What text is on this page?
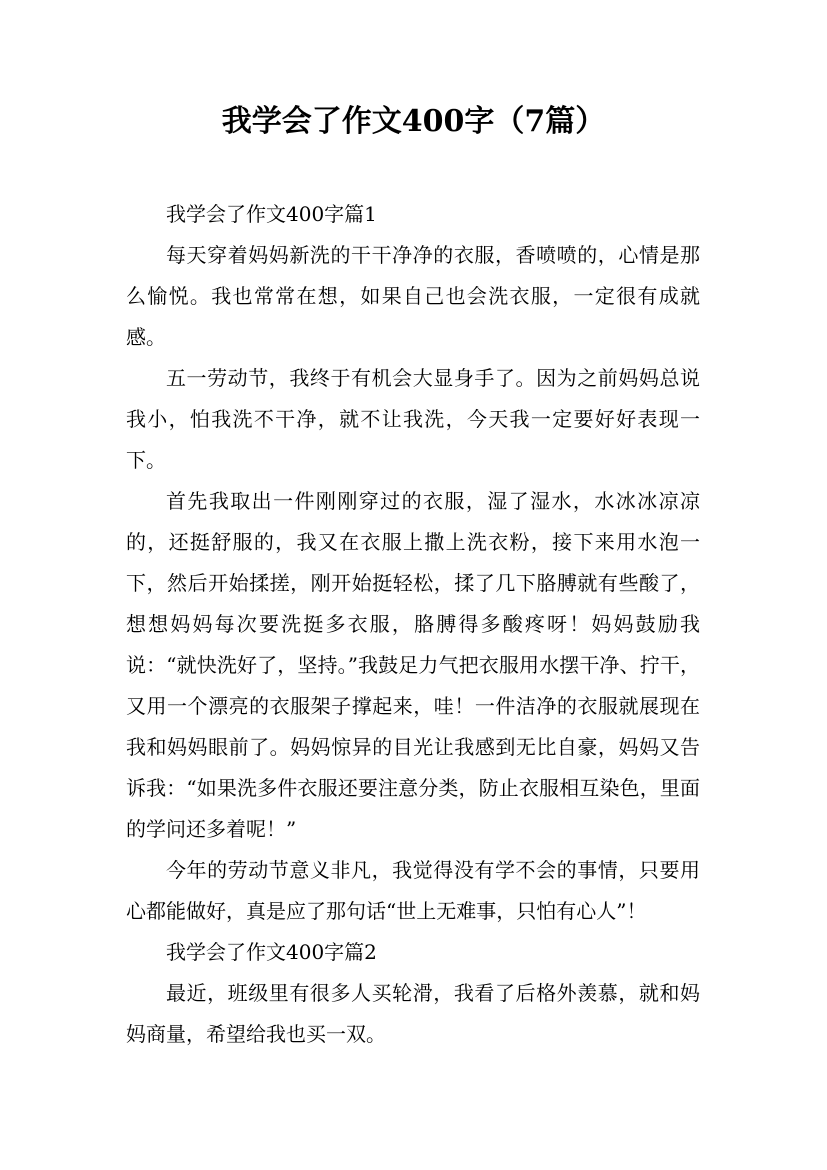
我学会了作文400字（7篇）

我学会了作文400字篇1

每天穿着妈妈新洗的干干净净的衣服，香喷喷的，心情是那么愉悦。我也常常在想，如果自己也会洗衣服，一定很有成就感。

五一劳动节，我终于有机会大显身手了。因为之前妈妈总说我小，怕我洗不干净，就不让我洗，今天我一定要好好表现一下。

首先我取出一件刚刚穿过的衣服，湿了湿水，水冰冰凉凉的，还挺舒服的，我又在衣服上撒上洗衣粉，接下来用水泡一下，然后开始揉搓，刚开始挺轻松，揉了几下胳膊就有些酸了，想想妈妈每次要洗挺多衣服，胳膊得多酸疼呀！妈妈鼓励我说：“就快洗好了，坚持。”我鼓足力气把衣服用水摆干净、拧干，又用一个漂亮的衣服架子撑起来，哇！一件洁净的衣服就展现在我和妈妈眼前了。妈妈惊异的目光让我感到无比自豪，妈妈又告诉我：“如果洗多件衣服还要注意分类，防止衣服相互染色，里面的学问还多着呢！”

今年的劳动节意义非凡，我觉得没有学不会的事情，只要用心都能做好，真是应了那句话“世上无难事，只怕有心人”！

我学会了作文400字篇2

最近，班级里有很多人买轮滑，我看了后格外羡慕，就和妈妈商量，希望给我也买一双。
